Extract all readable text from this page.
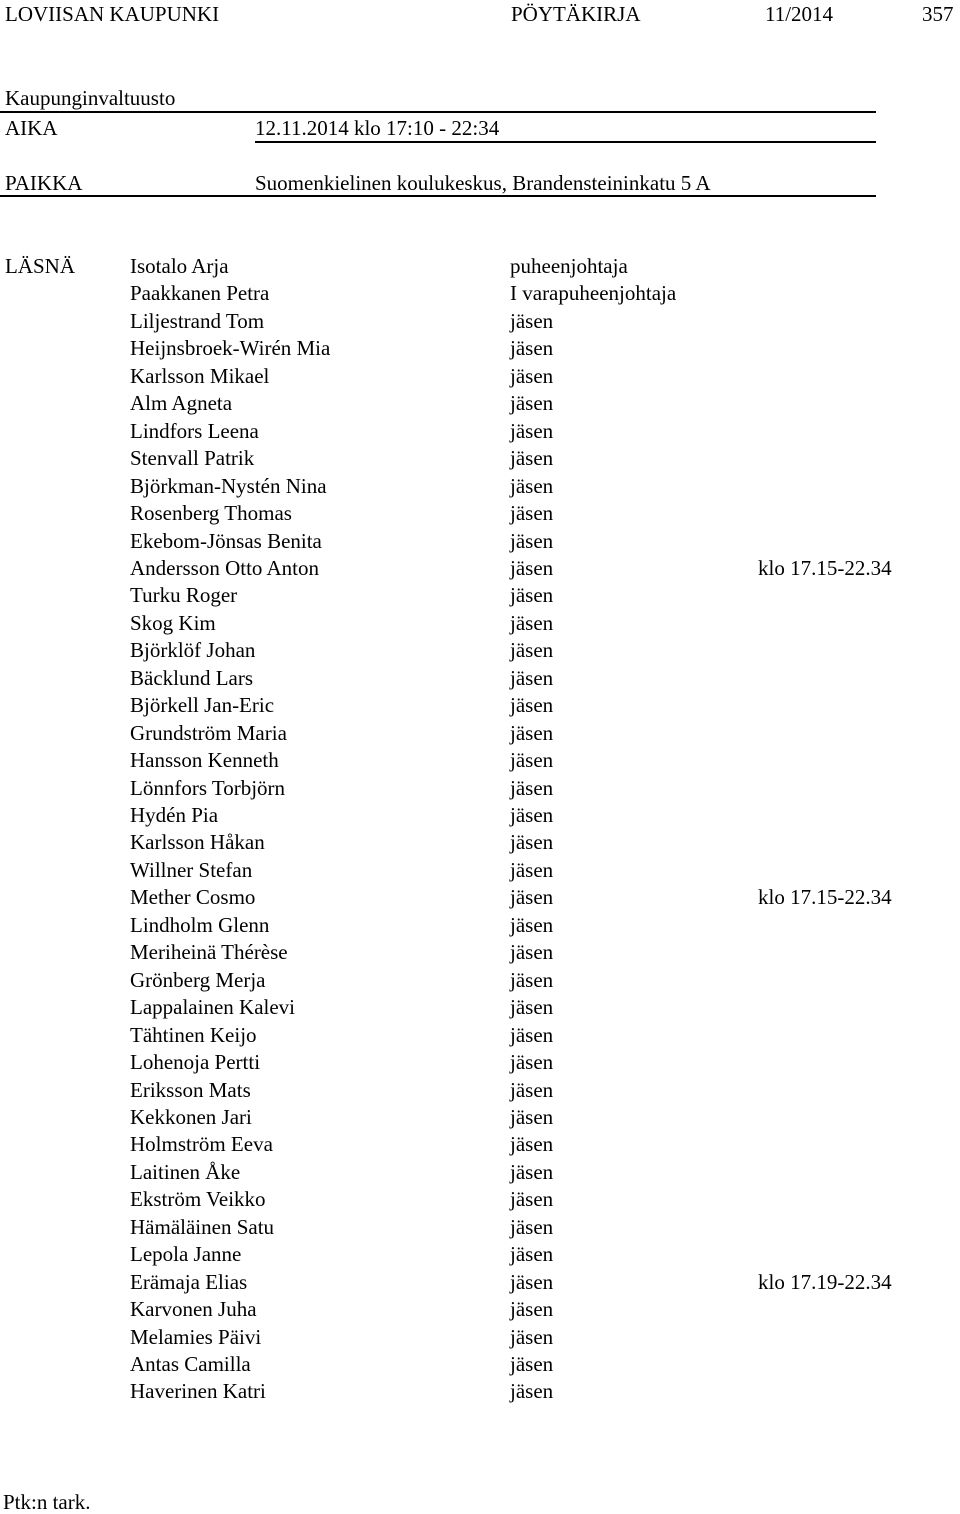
LOVIISAN KAUPUNKI	PÖYTÄKIRJA	11/2014	357
Kaupunginvaltuusto
AIKA	12.11.2014 klo 17:10 - 22:34
PAIKKA	Suomenkielinen koulukeskus, Brandensteininkatu 5 A
LÄSNÄ	Isotalo Arja	puheenjohtaja
Paakkanen Petra	I varapuheenjohtaja
Liljestrand Tom	jäsen
Heijnsbroek-Wirén Mia	jäsen
Karlsson Mikael	jäsen
Alm Agneta	jäsen
Lindfors Leena	jäsen
Stenvall Patrik	jäsen
Björkman-Nystén Nina	jäsen
Rosenberg Thomas	jäsen
Ekebom-Jönsas Benita	jäsen
Andersson Otto Anton	jäsen	klo 17.15-22.34
Turku Roger	jäsen
Skog Kim	jäsen
Björklöf Johan	jäsen
Bäcklund Lars	jäsen
Björkell Jan-Eric	jäsen
Grundström Maria	jäsen
Hansson Kenneth	jäsen
Lönnfors Torbjörn	jäsen
Hydén Pia	jäsen
Karlsson Håkan	jäsen
Willner Stefan	jäsen
Mether Cosmo	jäsen	klo 17.15-22.34
Lindholm Glenn	jäsen
Meriheinä Thérèse	jäsen
Grönberg Merja	jäsen
Lappalainen Kalevi	jäsen
Tähtinen Keijo	jäsen
Lohenoja Pertti	jäsen
Eriksson Mats	jäsen
Kekkonen Jari	jäsen
Holmström Eeva	jäsen
Laitinen Åke	jäsen
Ekström Veikko	jäsen
Hämäläinen Satu	jäsen
Lepola Janne	jäsen
Erämaja Elias	jäsen	klo 17.19-22.34
Karvonen Juha	jäsen
Melamies Päivi	jäsen
Antas Camilla	jäsen
Haverinen Katri	jäsen
Ptk:n tark.
